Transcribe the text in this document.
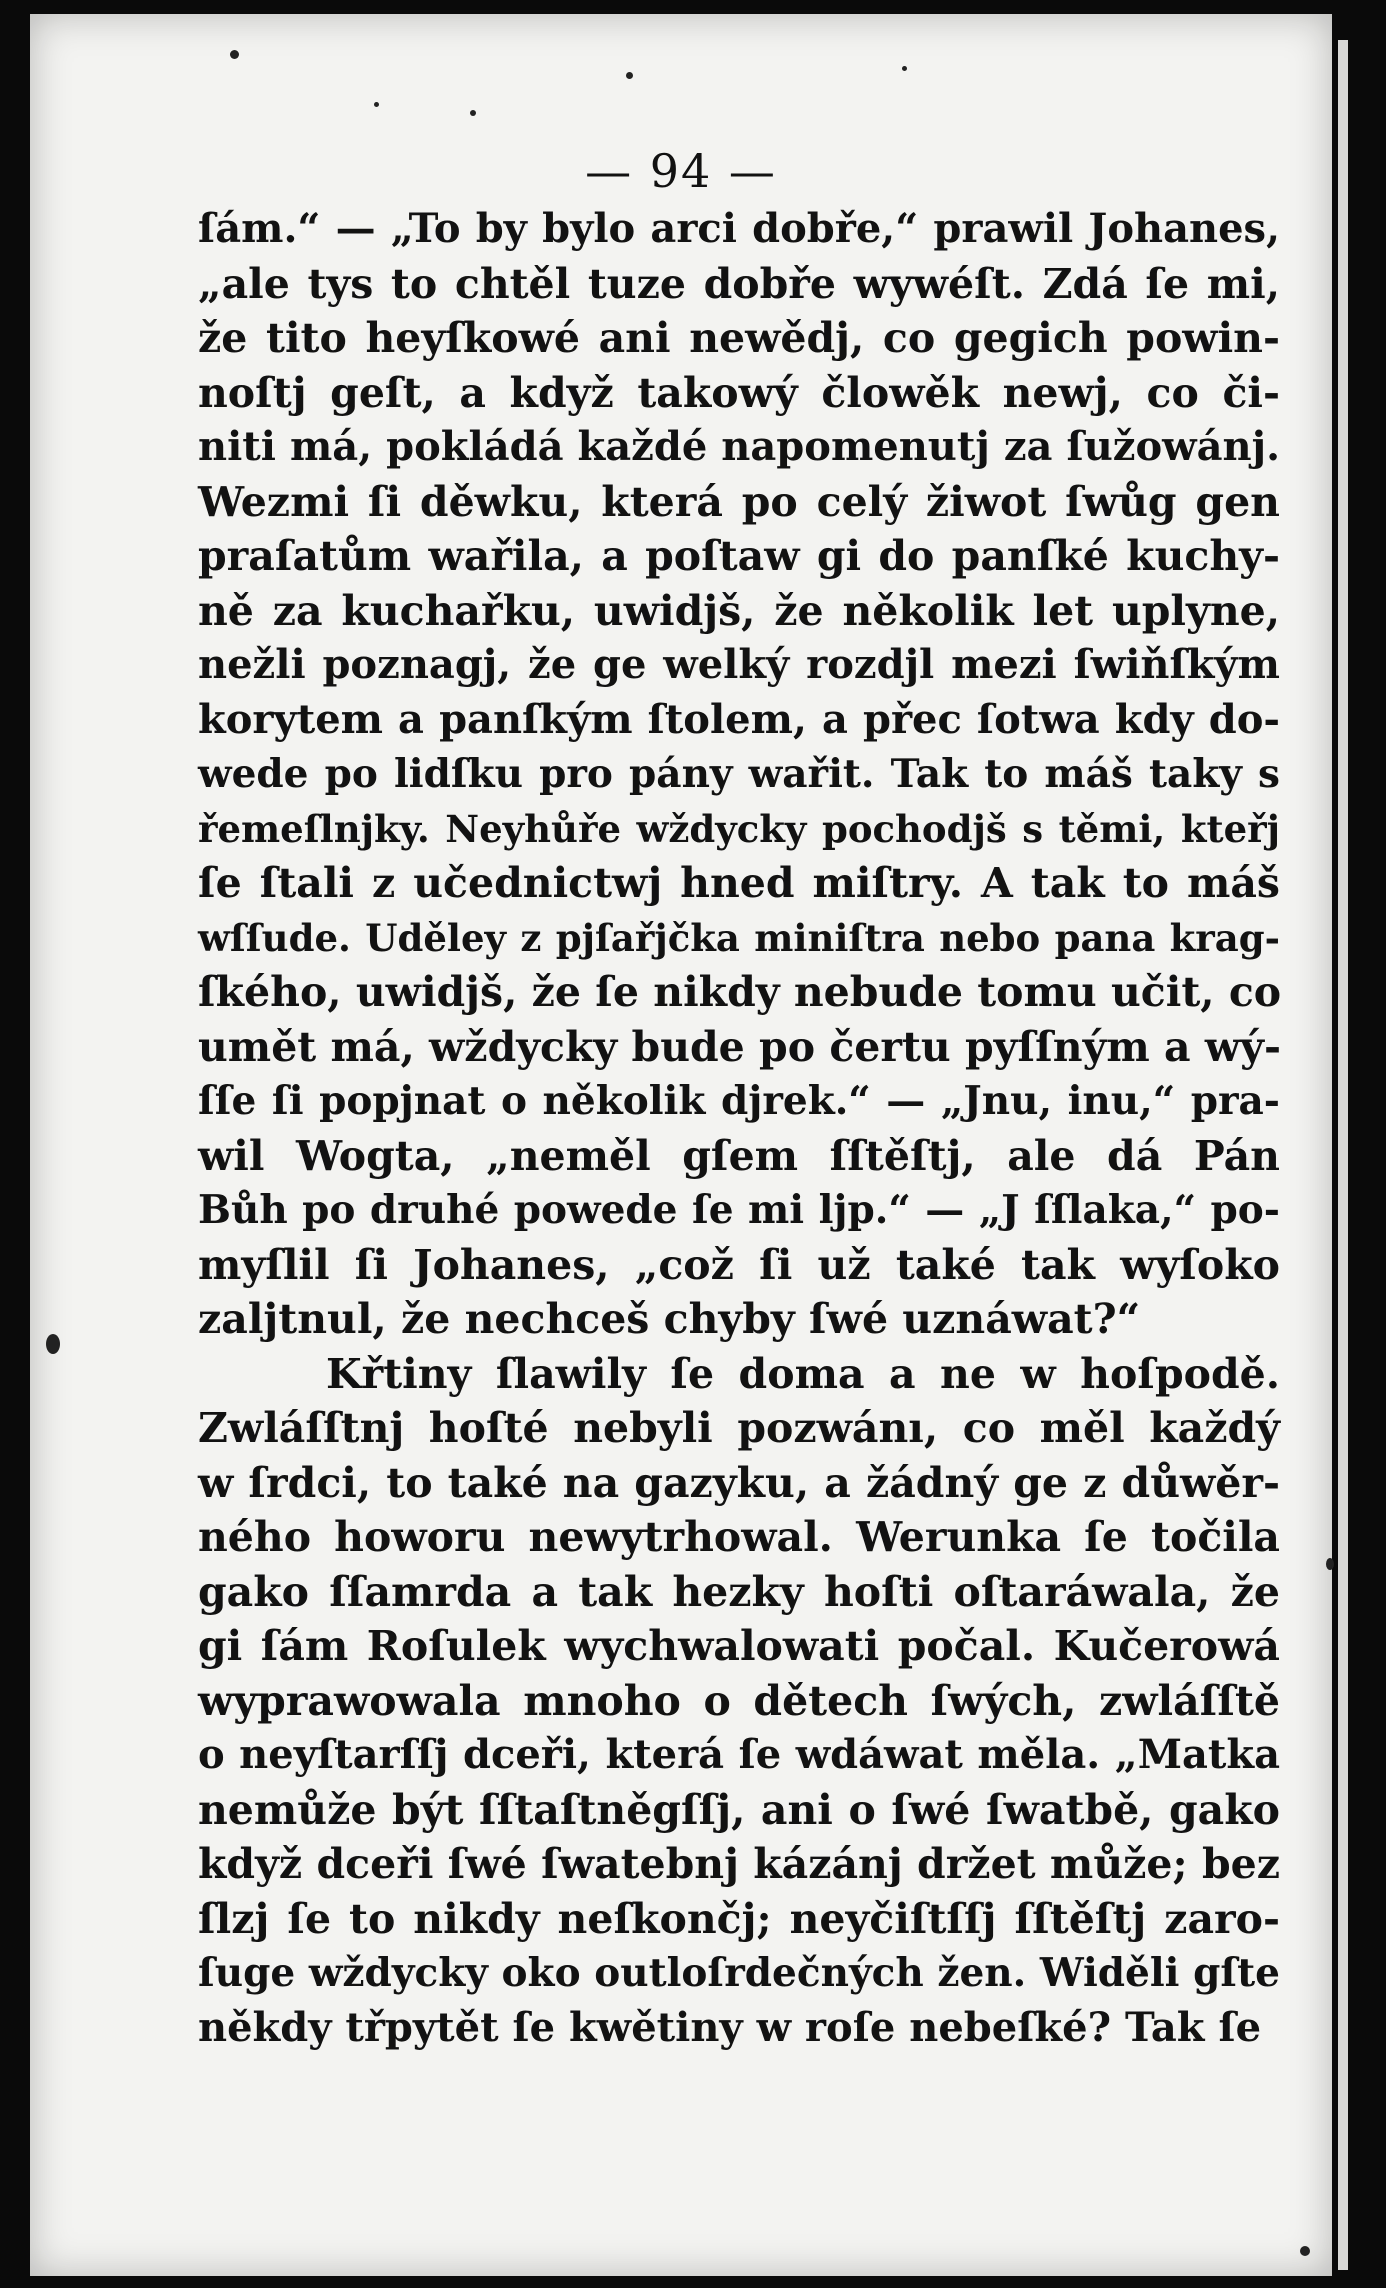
— 94 —
ſám.“ — „To by bylo arci dobře,“ prawil Johanes,
„ale tys to chtěl tuze dobře wywéſt. Zdá ſe mi,
že tito heyſkowé ani newědj, co gegich powin-
noſtj geſt, a když takowý člowěk newj, co či-
niti má, pokládá každé napomenutj za ſužowánj.
Wezmi ſi děwku, která po celý žiwot ſwůg gen
praſatům wařila, a poſtaw gi do panſké kuchy-
ně za kuchařku, uwidjš, že několik let uplyne,
nežli poznagj, že ge welký rozdjl mezi ſwiňſkým
korytem a panſkým ſtolem, a přec ſotwa kdy do-
wede po lidſku pro pány wařit. Tak to máš taky s
řemeſlnjky. Neyhůře wždycky pochodjš s těmi, kteřj
ſe ſtali z učednictwj hned miſtry. A tak to máš
wſſude. Uděley z pjſařjčka miniſtra nebo pana krag-
ſkého, uwidjš, že ſe nikdy nebude tomu učit, co
umět má, wždycky bude po čertu pyſſným a wý-
ſſe ſi popjnat o několik djrek.“ — „Jnu, inu,“ pra-
wil Wogta, „neměl gſem ſſtěſtj, ale dá Pán
Bůh po druhé powede ſe mi ljp.“ — „J ſſlaka,“ po-
myſlil ſi Johanes, „což ſi už také tak wyſoko
zaljtnul, že nechceš chyby ſwé uznáwat?“
Křtiny ſlawily ſe doma a ne w hoſpodě.
Zwláſſtnj hoſté nebyli pozwánı, co měl každý
w ſrdci, to také na gazyku, a žádný ge z důwěr-
ného howoru newytrhowal. Werunka ſe točila
gako ſſamrda a tak hezky hoſti oſtaráwala, že
gi ſám Roſulek wychwalowati počal. Kučerowá
wyprawowala mnoho o dětech ſwých, zwláſſtě
o neyſtarſſj dceři, která ſe wdáwat měla. „Matka
nemůže být ſſtaſtněgſſj, ani o ſwé ſwatbě, gako
když dceři ſwé ſwatebnj kázánj držet může; bez
ſlzj ſe to nikdy neſkončj; neyčiſtſſj ſſtěſtj zaro-
ſuge wždycky oko outloſrdečných žen. Widěli gſte
někdy třpytět ſe kwětiny w roſe nebeſké? Tak ſe
